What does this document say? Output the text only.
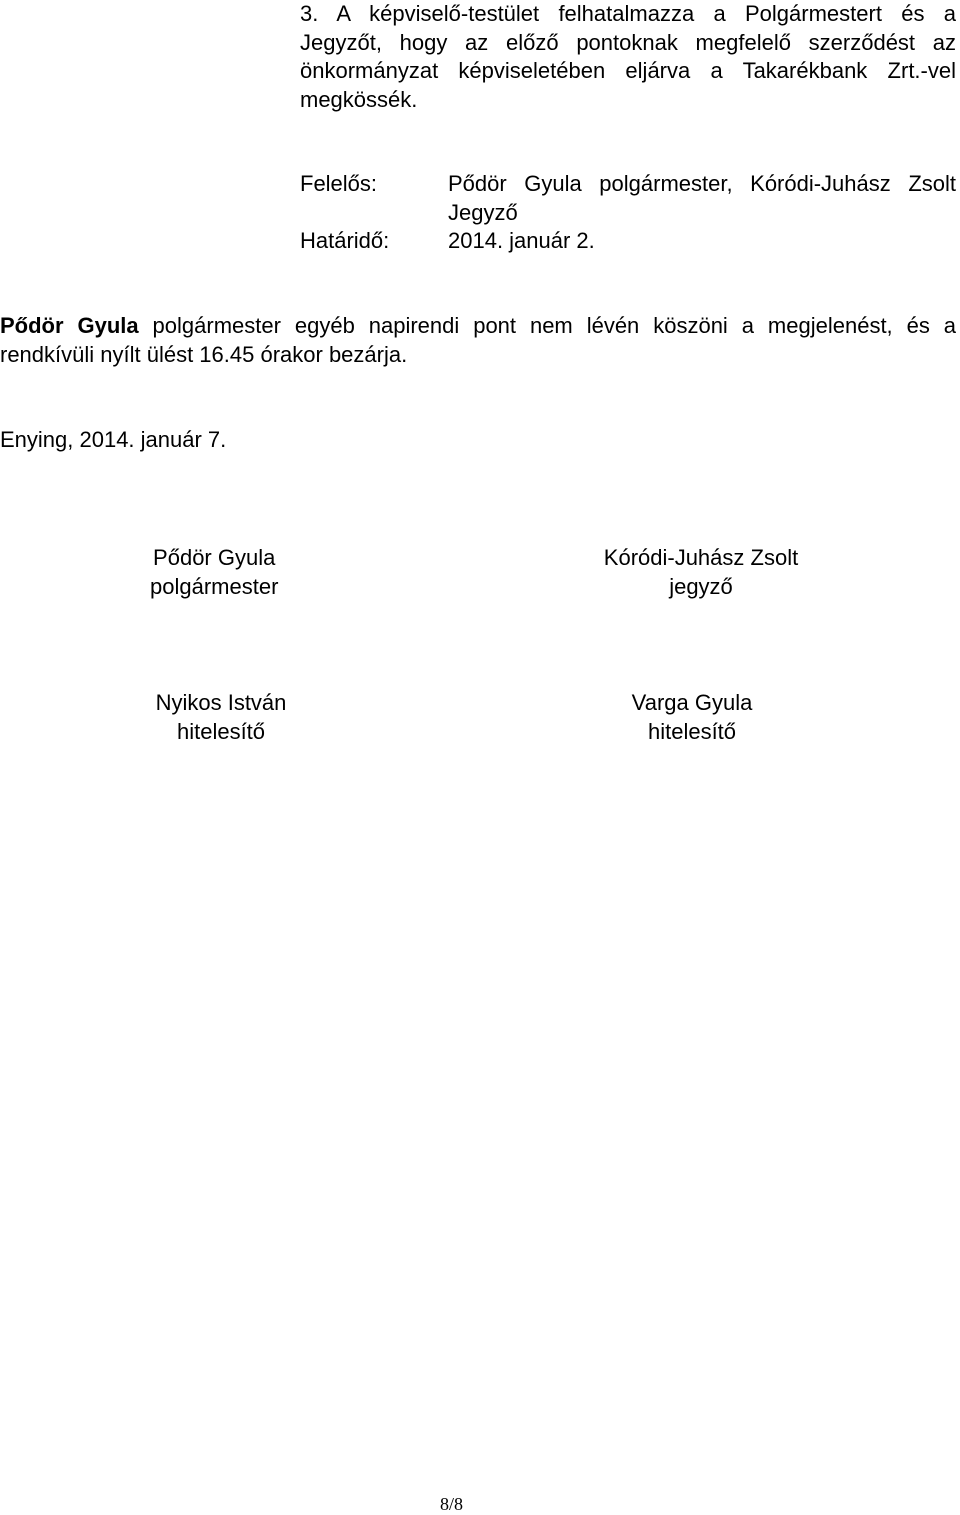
3. A képviselő-testület felhatalmazza a Polgármestert és a
Jegyzőt, hogy az előző pontoknak megfelelő szerződést az
önkormányzat képviseletében eljárva a Takarékbank Zrt.-vel
megkössék.
Felelős:	Pődör Gyula polgármester, Kóródi-Juhász Zsolt
Jegyző
Határidő:	2014. január 2.
Pődör Gyula polgármester egyéb napirendi pont nem lévén köszöni a megjelenést, és a
rendkívüli nyílt ülést 16.45 órakor bezárja.
Enying, 2014. január 7.
Pődör Gyula
polgármester
Kóródi-Juhász Zsolt
jegyző
Nyikos István
hitelesítő
Varga Gyula
hitelesítő
8/8
